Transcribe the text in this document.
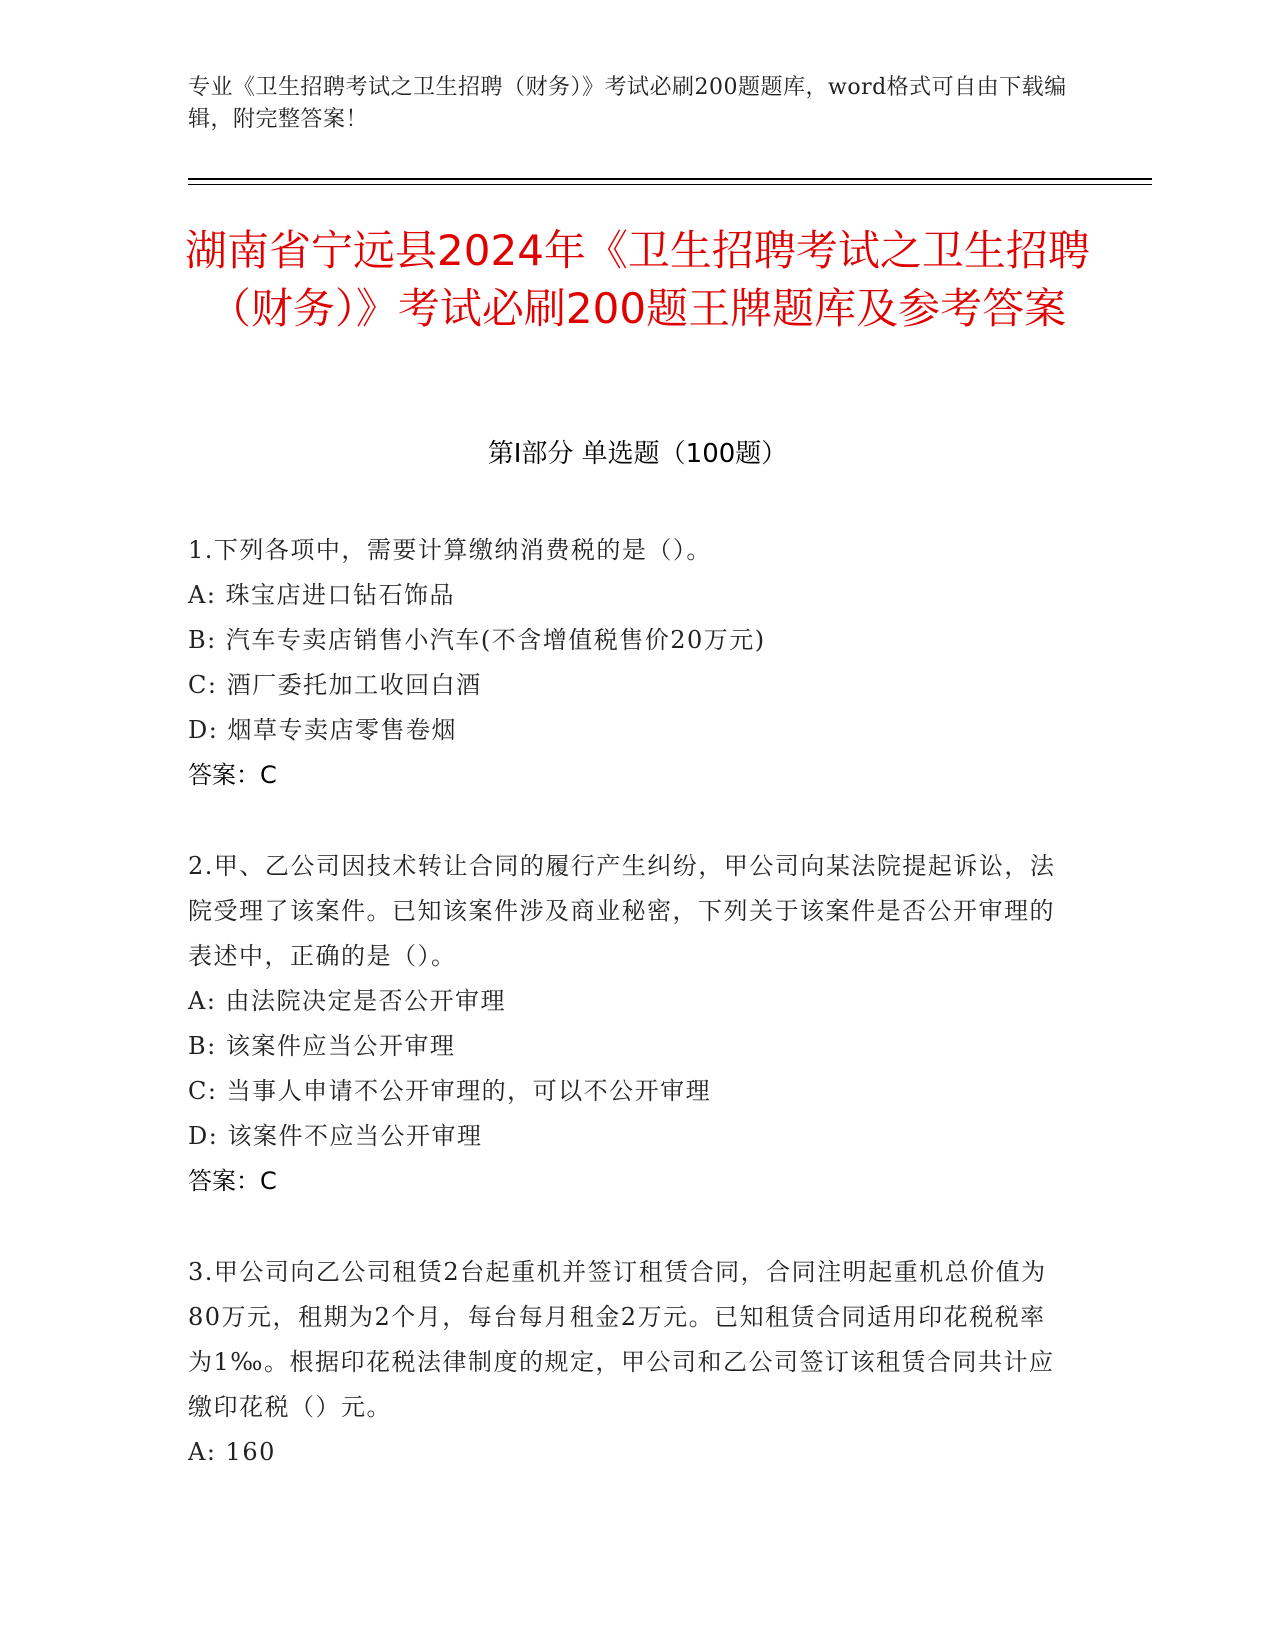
专业《卫生招聘考试之卫生招聘（财务）》考试必刷200题题库，word格式可自由下载编辑，附完整答案！
湖南省宁远县2024年《卫生招聘考试之卫生招聘（财务）》考试必刷200题王牌题库及参考答案
第Ⅰ部分 单选题（100题）

1.下列各项中，需要计算缴纳消费税的是（）。

A: 珠宝店进口钻石饰品

B: 汽车专卖店销售小汽车(不含增值税售价20万元)

C: 酒厂委托加工收回白酒

D: 烟草专卖店零售卷烟

答案：C

2.甲、乙公司因技术转让合同的履行产生纠纷，甲公司向某法院提起诉讼，法院受理了该案件。已知该案件涉及商业秘密，下列关于该案件是否公开审理的表述中，正确的是（）。

A: 由法院决定是否公开审理

B: 该案件应当公开审理

C: 当事人申请不公开审理的，可以不公开审理

D: 该案件不应当公开审理

答案：C

3.甲公司向乙公司租赁2台起重机并签订租赁合同，合同注明起重机总价值为80万元，租期为2个月，每台每月租金2万元。已知租赁合同适用印花税税率为1‰。根据印花税法律制度的规定，甲公司和乙公司签订该租赁合同共计应缴印花税（）元。

A: 160
